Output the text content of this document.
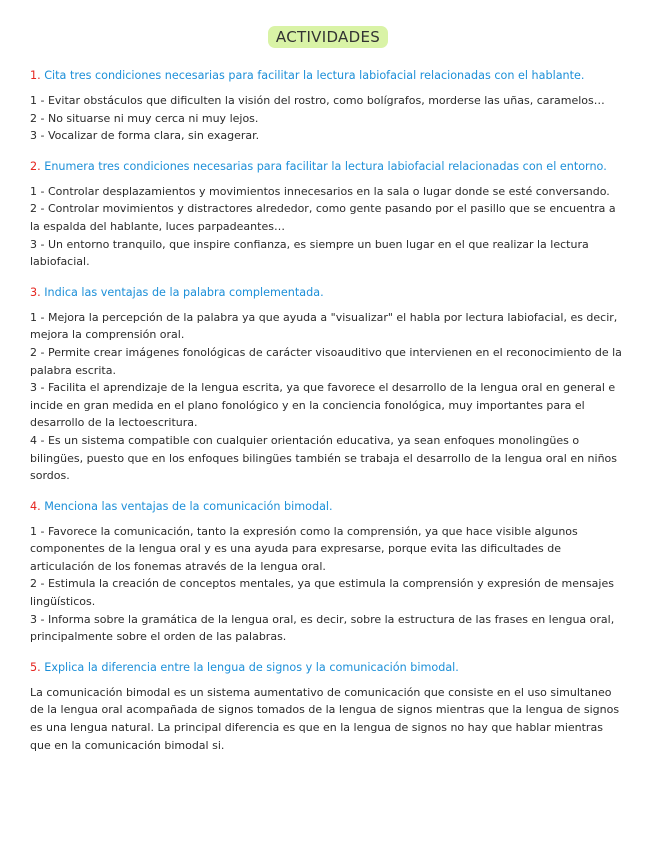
ACTIVIDADES

1. Cita tres condiciones necesarias para facilitar la lectura labiofacial relacionadas con el hablante.

1 - Evitar obstáculos que dificulten la visión del rostro, como bolígrafos, morderse las uñas, caramelos…

2 - No situarse ni muy cerca ni muy lejos.

3 - Vocalizar de forma clara, sin exagerar.

2. Enumera tres condiciones necesarias para facilitar la lectura labiofacial relacionadas con el entorno.

1 - Controlar desplazamientos y movimientos innecesarios en la sala o lugar donde se esté conversando.

2 - Controlar movimientos y distractores alrededor, como gente pasando por el pasillo que se encuentra a la espalda del hablante, luces parpadeantes…

3 - Un entorno tranquilo, que inspire confianza, es siempre un buen lugar en el que realizar la lectura labiofacial.

3. Indica las ventajas de la palabra complementada.

1 - Mejora la percepción de la palabra ya que ayuda a "visualizar" el habla por lectura labiofacial, es decir, mejora la comprensión oral.

2 - Permite crear imágenes fonológicas de carácter visoauditivo que intervienen en el reconocimiento de la palabra escrita.

3 - Facilita el aprendizaje de la lengua escrita, ya que favorece el desarrollo de la lengua oral en general e incide en gran medida en el plano fonológico y en la conciencia fonológica, muy importantes para el desarrollo de la lectoescritura.

4 - Es un sistema compatible con cualquier orientación educativa, ya sean enfoques monolingües o bilingües, puesto que en los enfoques bilingües también se trabaja el desarrollo de la lengua oral en niños sordos.

4. Menciona las ventajas de la comunicación bimodal.

1 - Favorece la comunicación, tanto la expresión como la comprensión, ya que hace visible algunos componentes de la lengua oral y es una ayuda para expresarse, porque evita las dificultades de articulación de los fonemas através de la lengua oral.

2 - Estimula la creación de conceptos mentales, ya que estimula la comprensión y expresión de mensajes lingüísticos.

3 - Informa sobre la gramática de la lengua oral, es decir, sobre la estructura de las frases en lengua oral, principalmente sobre el orden de las palabras.

5. Explica la diferencia entre la lengua de signos y la comunicación bimodal.

La comunicación bimodal es un sistema aumentativo de comunicación que consiste en el uso simultaneo de la lengua oral acompañada de signos tomados de la lengua de signos mientras que la lengua de signos es una lengua natural. La principal diferencia es que en la lengua de signos no hay que hablar mientras que en la comunicación bimodal si.
